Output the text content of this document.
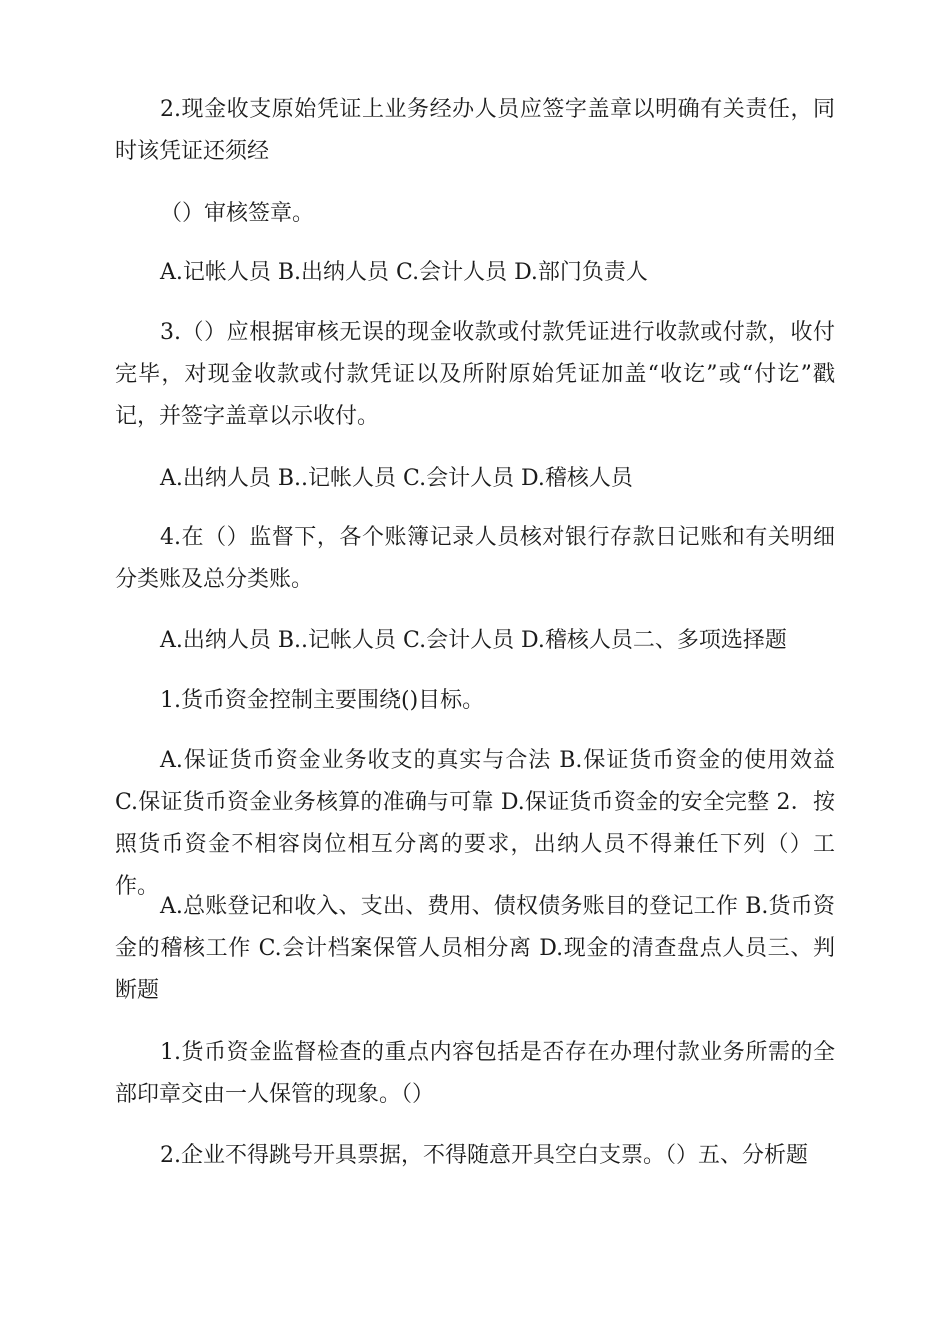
2.现金收支原始凭证上业务经办人员应签字盖章以明确有关责任，同时该凭证还须经

（）审核签章。

A.记帐人员 B.出纳人员 C.会计人员 D.部门负责人

3.（）应根据审核无误的现金收款或付款凭证进行收款或付款，收付完毕，对现金收款或付款凭证以及所附原始凭证加盖“收讫”或“付讫”戳记，并签字盖章以示收付。

A.出纳人员 B..记帐人员 C.会计人员 D.稽核人员

4.在（）监督下，各个账簿记录人员核对银行存款日记账和有关明细分类账及总分类账。

A.出纳人员 B..记帐人员 C.会计人员 D.稽核人员二、多项选择题

1.货币资金控制主要围绕()目标。

A.保证货币资金业务收支的真实与合法 B.保证货币资金的使用效益 C.保证货币资金业务核算的准确与可靠 D.保证货币资金的安全完整 2．按照货币资金不相容岗位相互分离的要求，出纳人员不得兼任下列（）工作。

A.总账登记和收入、支出、费用、债权债务账目的登记工作 B.货币资金的稽核工作 C.会计档案保管人员相分离 D.现金的清查盘点人员三、判断题

1.货币资金监督检查的重点内容包括是否存在办理付款业务所需的全部印章交由一人保管的现象。（）

2.企业不得跳号开具票据，不得随意开具空白支票。（）五、分析题
